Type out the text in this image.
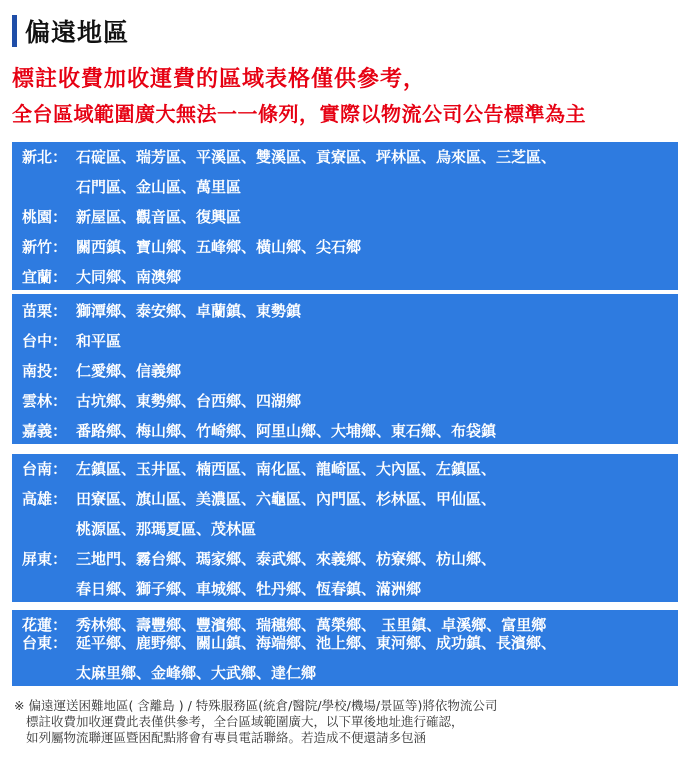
偏遠地區
標註收費加收運費的區域表格僅供參考，
全台區域範圍廣大無法一一條列，實際以物流公司公告標準為主
新北： 石碇區、瑞芳區、平溪區、雙溪區、貢寮區、坪林區、烏來區、三芝區、
石門區、金山區、萬里區
桃園： 新屋區、觀音區、復興區
新竹： 關西鎮、寶山鄉、五峰鄉、橫山鄉、尖石鄉
宜蘭： 大同鄉、南澳鄉
苗栗： 獅潭鄉、泰安鄉、卓蘭鎮、東勢鎮
台中： 和平區
南投： 仁愛鄉、信義鄉
雲林： 古坑鄉、東勢鄉、台西鄉、四湖鄉
嘉義： 番路鄉、梅山鄉、竹崎鄉、阿里山鄉、大埔鄉、東石鄉、布袋鎮
台南： 左鎮區、玉井區、楠西區、南化區、龍崎區、大內區、左鎮區、
高雄： 田寮區、旗山區、美濃區、六龜區、內門區、杉林區、甲仙區、
桃源區、那瑪夏區、茂林區
屏東： 三地門、霧台鄉、瑪家鄉、泰武鄉、來義鄉、枋寮鄉、枋山鄉、
春日鄉、獅子鄉、車城鄉、牡丹鄉、恆春鎮、滿洲鄉
花蓮： 秀林鄉、壽豐鄉、豐濱鄉、瑞穗鄉、萬榮鄉、 玉里鎮、卓溪鄉、富里鄉
台東： 延平鄉、鹿野鄉、關山鎮、海端鄉、池上鄉、東河鄉、成功鎮、長濱鄉、
太麻里鄉、金峰鄉、大武鄉、達仁鄉
※ 偏遠運送困難地區( 含離島 ) / 特殊服務區(統倉/醫院/學校/機場/景區等)將依物流公司
標註收費加收運費此表僅供參考，全台區域範圍廣大，以下單後地址進行確認，
如列屬物流聯運區暨困配點將會有專員電話聯絡。若造成不便還請多包涵
